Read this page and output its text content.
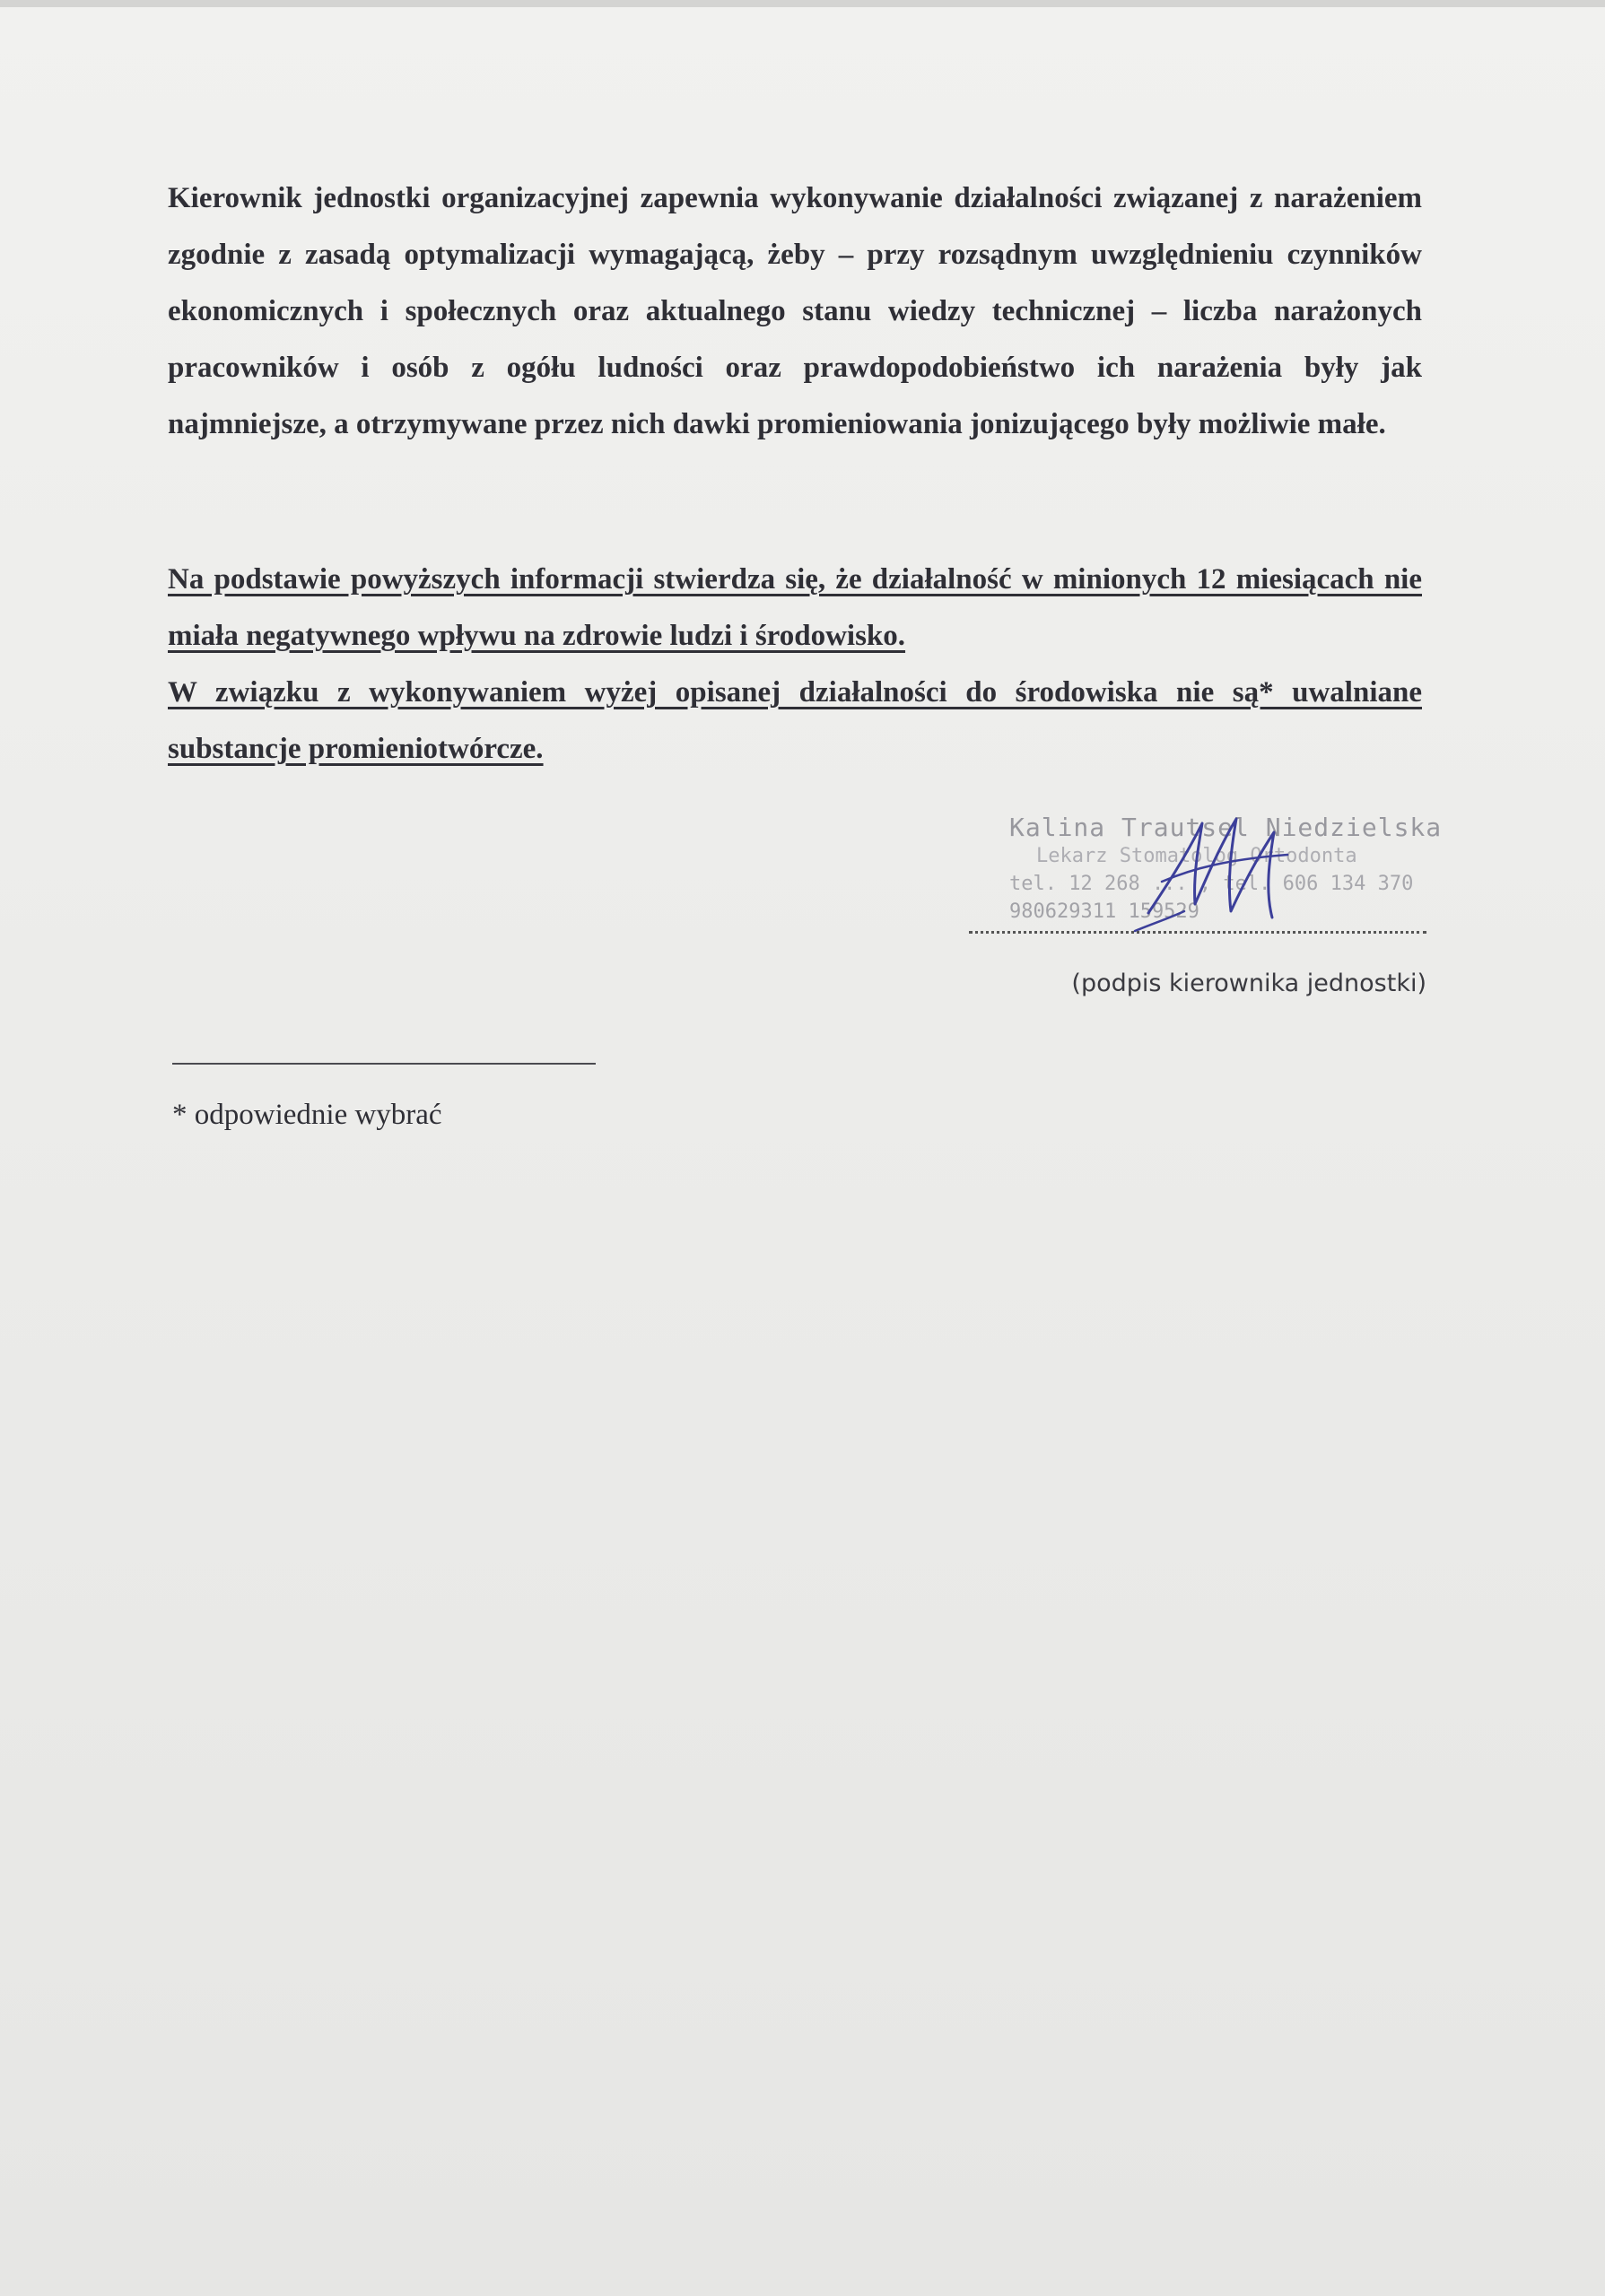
Kierownik jednostki organizacyjnej zapewnia wykonywanie działalności związanej z narażeniem zgodnie z zasadą optymalizacji wymagającą, żeby – przy rozsądnym uwzględnieniu czynników ekonomicznych i społecznych oraz aktualnego stanu wiedzy technicznej – liczba narażonych pracowników i osób z ogółu ludności oraz prawdopodobieństwo ich narażenia były jak najmniejsze, a otrzymywane przez nich dawki promieniowania jonizującego były możliwie małe.
Na podstawie powyższych informacji stwierdza się, że działalność w minionych 12 miesiącach nie miała negatywnego wpływu na zdrowie ludzi i środowisko.
W związku z wykonywaniem wyżej opisanej działalności do środowiska nie są* uwalniane substancje promieniotwórcze.
Kalina Trautsel Niedzielska
Lekarz Stomatolog Ortodonta
tel. 12 268 ... , tel. 606 134 370
980629311 159529
(podpis kierownika jednostki)
* odpowiednie wybrać
